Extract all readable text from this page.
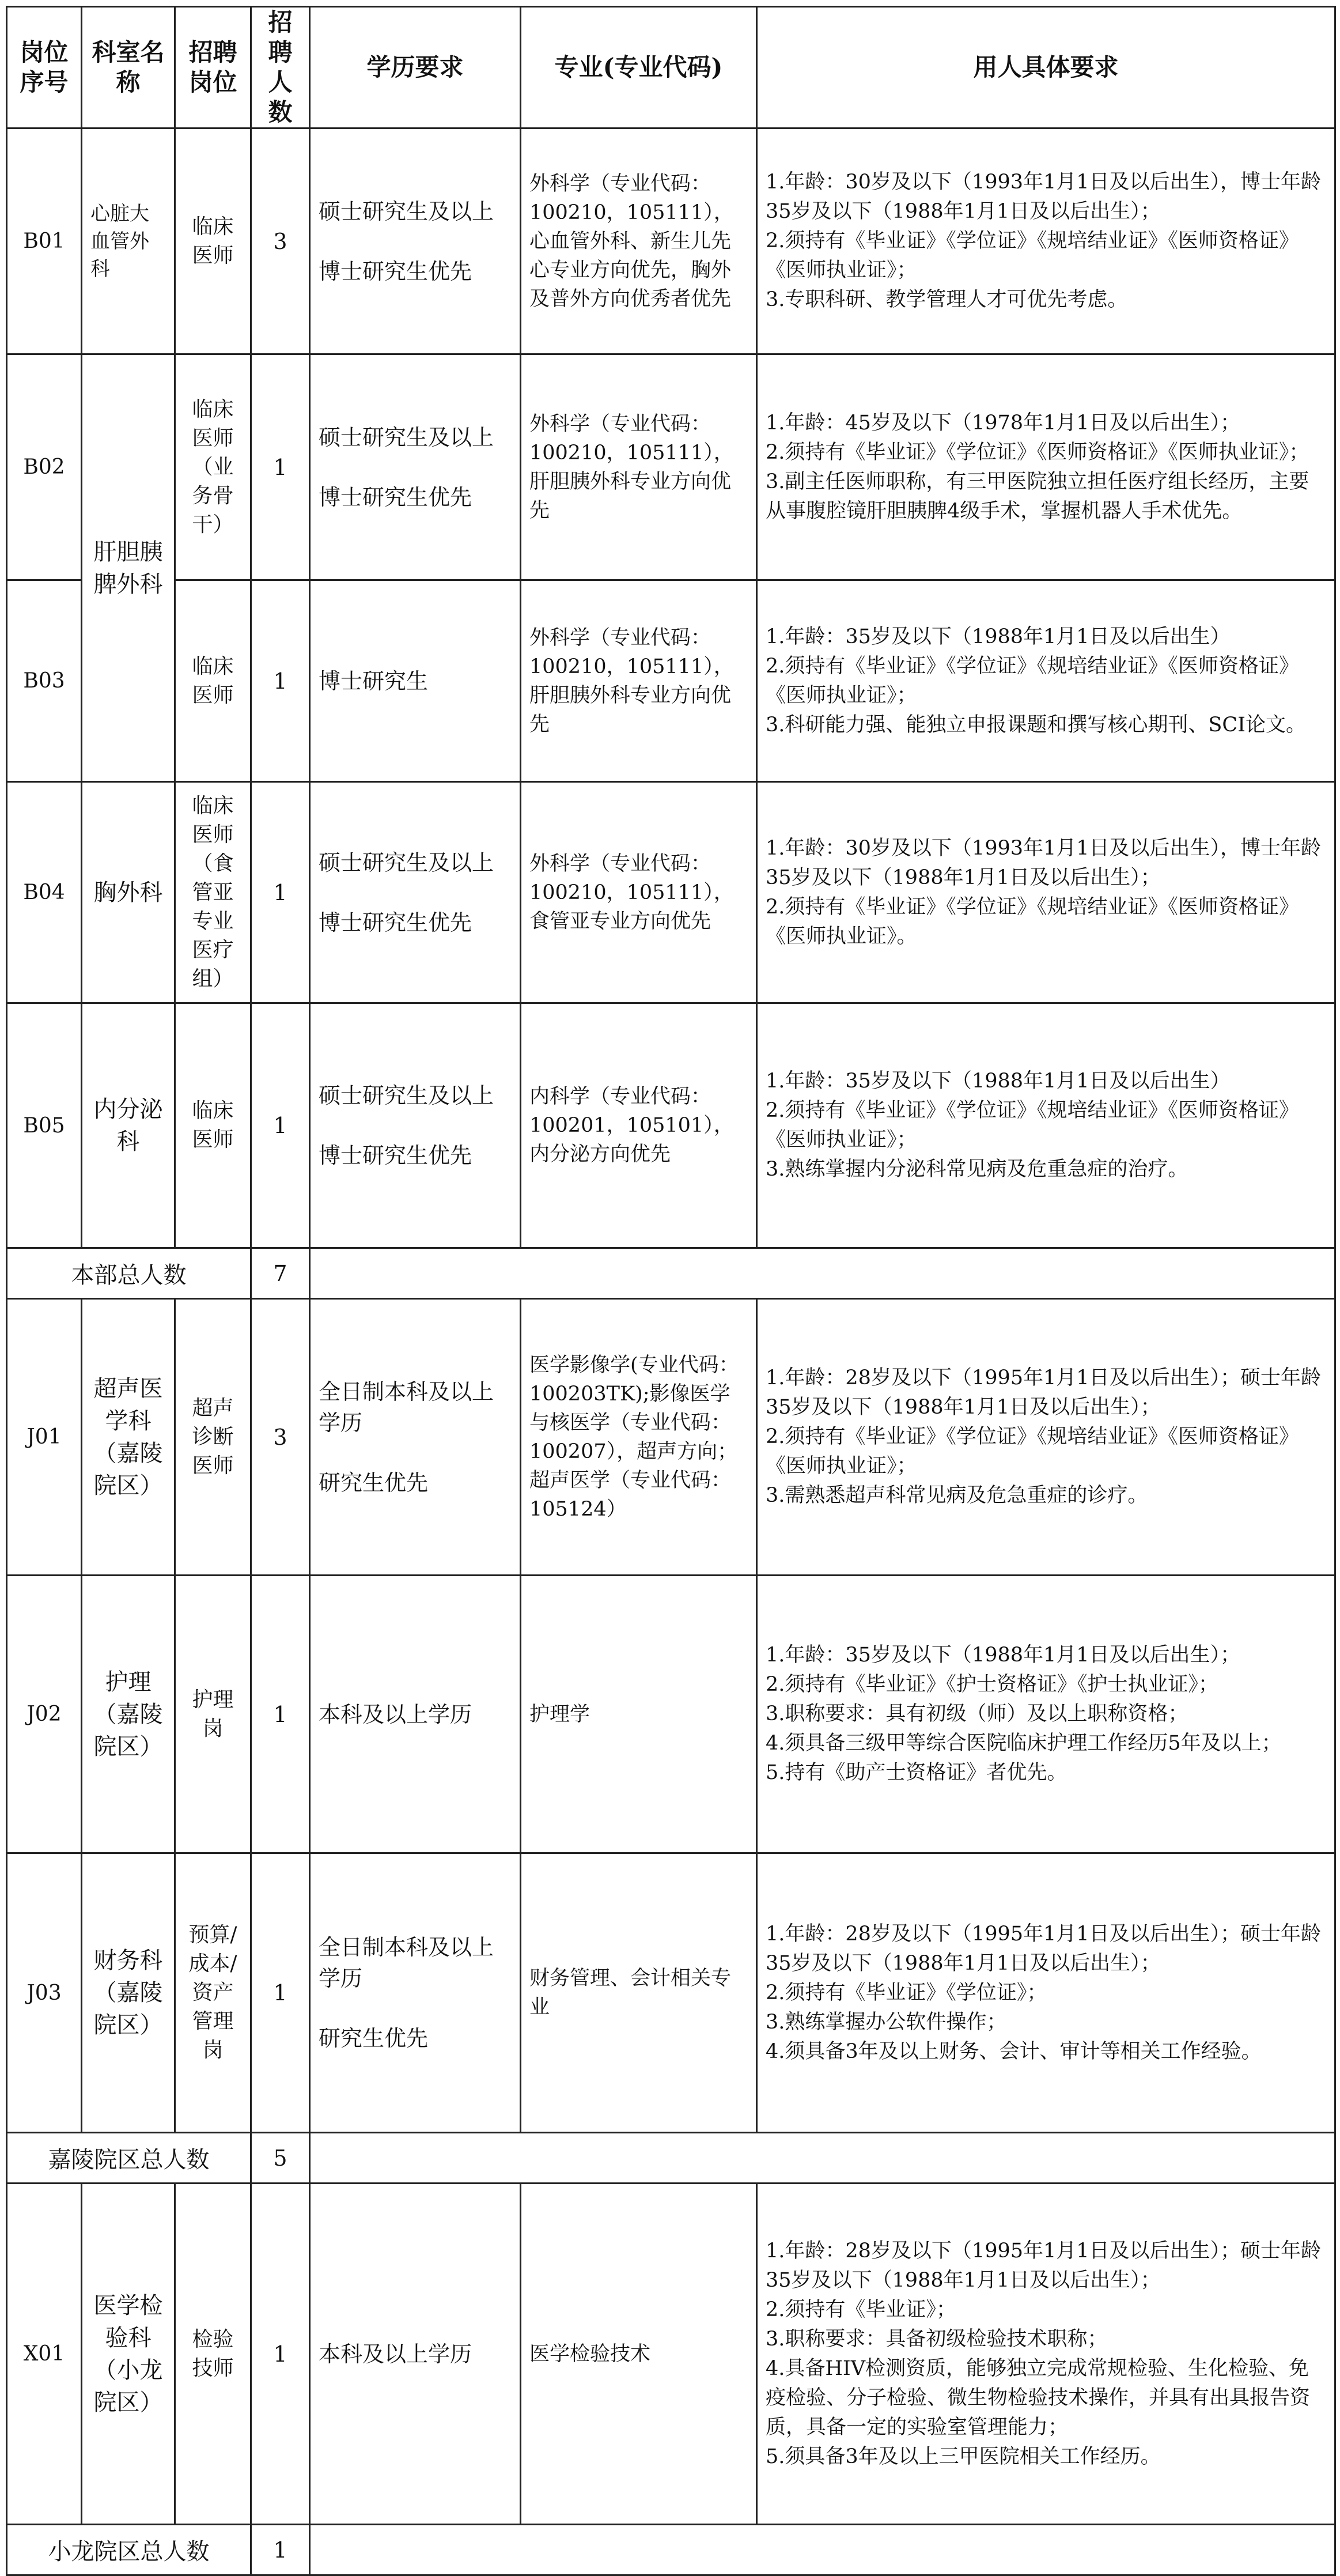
岗位序号	科室名称	招聘岗位	招聘人数	学历要求	专业(专业代码)	用人具体要求
B01	心脏大血管外科	临床医师	3	硕士研究生及以上
博士研究生优先	外科学（专业代码：100210，105111），心血管外科、新生儿先心专业方向优先，胸外及普外方向优秀者优先	1.年龄：30岁及以下（1993年1月1日及以后出生），博士年龄35岁及以下（1988年1月1日及以后出生）；
2.须持有《毕业证》《学位证》《规培结业证》《医师资格证》《医师执业证》；
3.专职科研、教学管理人才可优先考虑。

B02	肝胆胰脾外科	临床医师（业务骨干）	1	硕士研究生及以上
博士研究生优先	外科学（专业代码：100210，105111），肝胆胰外科专业方向优先	1.年龄：45岁及以下（1978年1月1日及以后出生）；
2.须持有《毕业证》《学位证》《医师资格证》《医师执业证》；
3.副主任医师职称，有三甲医院独立担任医疗组长经历，主要从事腹腔镜肝胆胰脾4级手术，掌握机器人手术优先。

B03		临床医师	1	博士研究生	外科学（专业代码：100210，105111），肝胆胰外科专业方向优先	1.年龄：35岁及以下（1988年1月1日及以后出生）
2.须持有《毕业证》《学位证》《规培结业证》《医师资格证》《医师执业证》；
3.科研能力强、能独立申报课题和撰写核心期刊、SCI论文。

B04	胸外科	临床医师（食管亚专业医疗组）	1	硕士研究生及以上
博士研究生优先	外科学（专业代码：100210，105111），食管亚专业方向优先	1.年龄：30岁及以下（1993年1月1日及以后出生），博士年龄35岁及以下（1988年1月1日及以后出生）；
2.须持有《毕业证》《学位证》《规培结业证》《医师资格证》《医师执业证》。

B05	内分泌科	临床医师	1	硕士研究生及以上
博士研究生优先	内科学（专业代码：100201，105101），内分泌方向优先	1.年龄：35岁及以下（1988年1月1日及以后出生）
2.须持有《毕业证》《学位证》《规培结业证》《医师资格证》《医师执业证》；
3.熟练掌握内分泌科常见病及危重急症的治疗。

本部总人数			7			
J01	超声医学科（嘉陵院区）	超声诊断医师	3	全日制本科及以上学历
研究生优先	医学影像学(专业代码：100203TK);影像医学与核医学（专业代码：100207），超声方向；超声医学（专业代码：105124）	1.年龄：28岁及以下（1995年1月1日及以后出生）；硕士年龄35岁及以下（1988年1月1日及以后出生）；
2.须持有《毕业证》《学位证》《规培结业证》《医师资格证》《医师执业证》；
3.需熟悉超声科常见病及危急重症的诊疗。

J02	护理（嘉陵院区）	护理岗	1	本科及以上学历	护理学	1.年龄：35岁及以下（1988年1月1日及以后出生）；
2.须持有《毕业证》《护士资格证》《护士执业证》；
3.职称要求：具有初级（师）及以上职称资格；
4.须具备三级甲等综合医院临床护理工作经历5年及以上；
5.持有《助产士资格证》者优先。

J03	财务科（嘉陵院区）	预算/成本/资产管理岗	1	全日制本科及以上学历
研究生优先	财务管理、会计相关专业	1.年龄：28岁及以下（1995年1月1日及以后出生）；硕士年龄35岁及以下（1988年1月1日及以后出生）；
2.须持有《毕业证》《学位证》；
3.熟练掌握办公软件操作；
4.须具备3年及以上财务、会计、审计等相关工作经验。

嘉陵院区总人数			5			
X01	医学检验科（小龙院区）	检验技师	1	本科及以上学历	医学检验技术	1.年龄：28岁及以下（1995年1月1日及以后出生）；硕士年龄35岁及以下（1988年1月1日及以后出生）；
2.须持有《毕业证》；
3.职称要求：具备初级检验技术职称；
4.具备HIV检测资质，能够独立完成常规检验、生化检验、免疫检验、分子检验、微生物检验技术操作，并具有出具报告资质，具备一定的实验室管理能力；
5.须具备3年及以上三甲医院相关工作经历。

小龙院区总人数			1			
